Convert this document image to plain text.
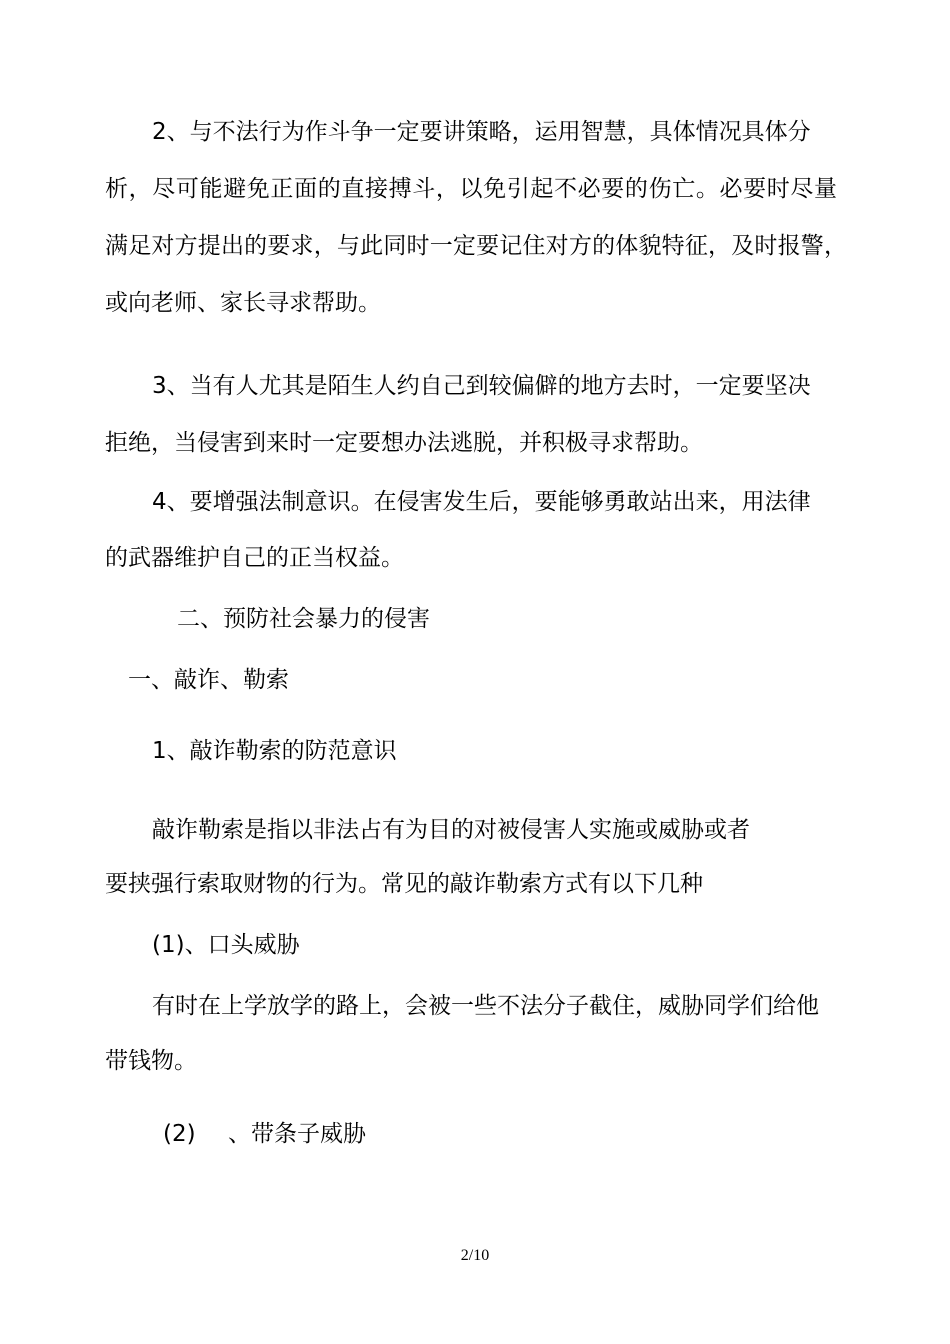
2、与不法行为作斗争一定要讲策略，运用智慧，具体情况具体分
析，尽可能避免正面的直接搏斗，以免引起不必要的伤亡。必要时尽量
满足对方提出的要求，与此同时一定要记住对方的体貌特征，及时报警，
或向老师、家长寻求帮助。
3、当有人尤其是陌生人约自己到较偏僻的地方去时，一定要坚决
拒绝，当侵害到来时一定要想办法逃脱，并积极寻求帮助。
4、要增强法制意识。在侵害发生后，要能够勇敢站出来，用法律
的武器维护自己的正当权益。
二、预防社会暴力的侵害
一、敲诈、勒索
1、敲诈勒索的防范意识
敲诈勒索是指以非法占有为目的对被侵害人实施或威胁或者
要挟强行索取财物的行为。常见的敲诈勒索方式有以下几种
(1)、口头威胁
有时在上学放学的路上，会被一些不法分子截住，威胁同学们给他
带钱物。
(2) 、带条子威胁
2/10
